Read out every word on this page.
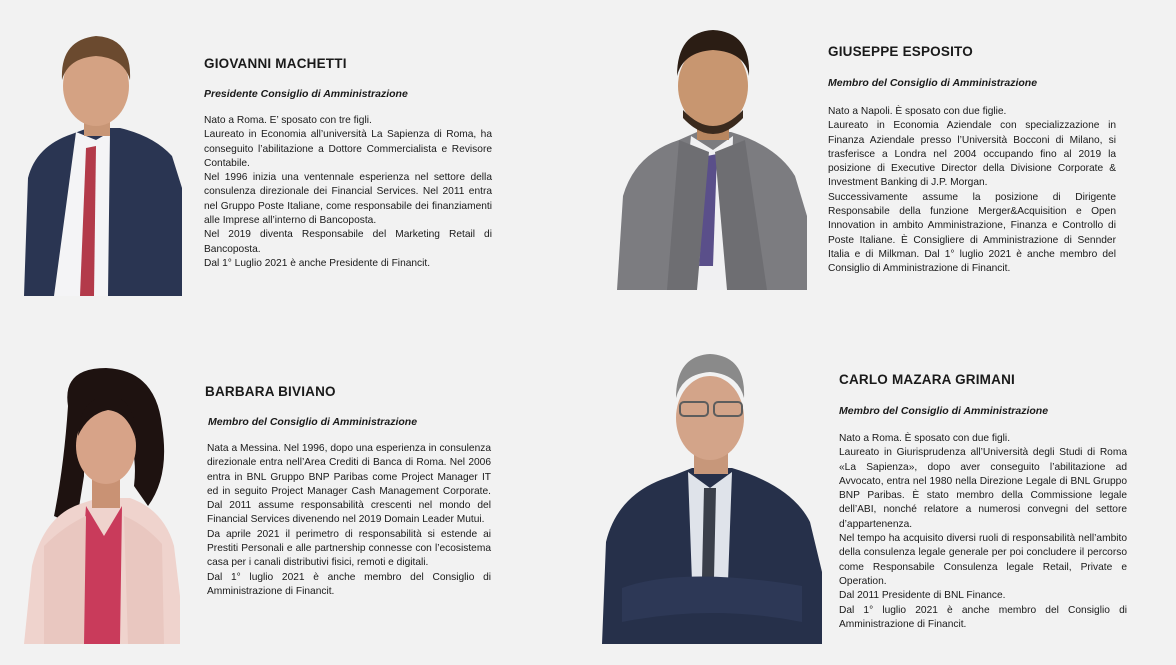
GIOVANNI MACHETTI
Presidente Consiglio di Amministrazione

Nato a Roma. E’ sposato con tre figli.

Laureato in Economia all’università La Sapienza di Roma, ha conseguito l’abilitazione a Dottore Commercialista e Revisore Contabile.

Nel 1996 inizia una ventennale esperienza nel settore della consulenza direzionale dei Financial Services. Nel 2011 entra nel Gruppo Poste Italiane, come responsabile dei finanziamenti alle Imprese all’interno di Bancoposta.

Nel 2019 diventa Responsabile del Marketing Retail di Bancoposta.

Dal 1° Luglio 2021 è anche Presidente di Financit.

GIUSEPPE ESPOSITO
Membro del Consiglio di Amministrazione

Nato a Napoli. È sposato con due figlie.

Laureato in Economia Aziendale con specializzazione in Finanza Aziendale presso l’Università Bocconi di Milano, si trasferisce a Londra nel 2004 occupando fino al 2019 la posizione di Executive Director della Divisione Corporate & Investment Banking di J.P. Morgan.

Successivamente assume la posizione di Dirigente Responsabile della funzione Merger&Acquisition e Open Innovation in ambito Amministrazione, Finanza e Controllo di Poste Italiane. È Consigliere di Amministrazione di Sennder Italia e di Milkman. Dal 1° luglio 2021 è anche membro del Consiglio di Amministrazione di Financit.

BARBARA BIVIANO
Membro del Consiglio di Amministrazione

Nata a Messina. Nel 1996, dopo una esperienza in consulenza direzionale entra nell’Area Crediti di Banca di Roma. Nel 2006 entra in BNL Gruppo BNP Paribas come Project Manager IT ed in seguito Project Manager Cash Management Corporate. Dal 2011 assume responsabilità crescenti nel mondo del Financial Services divenendo nel 2019 Domain Leader Mutui.

Da aprile 2021 il perimetro di responsabilità si estende ai Prestiti Personali e alle partnership connesse con l’ecosistema casa per i canali distributivi fisici, remoti e digitali.

Dal 1° luglio 2021 è anche membro del Consiglio di Amministrazione di Financit.

CARLO MAZARA GRIMANI
Membro del Consiglio di Amministrazione

Nato a Roma. È sposato con due figli.

Laureato in Giurisprudenza all’Università degli Studi di Roma «La Sapienza», dopo aver conseguito l’abilitazione ad Avvocato, entra nel 1980 nella Direzione Legale di BNL Gruppo BNP Paribas. È stato membro della Commissione legale dell’ABI, nonché relatore a numerosi convegni del settore d’appartenenza.

Nel tempo ha acquisito diversi ruoli di responsabilità nell’ambito della consulenza legale generale per poi concludere il percorso come Responsabile Consulenza legale Retail, Private e Operation.

Dal 2011 Presidente di BNL Finance.

Dal 1° luglio 2021 è anche membro del Consiglio di Amministrazione di Financit.
